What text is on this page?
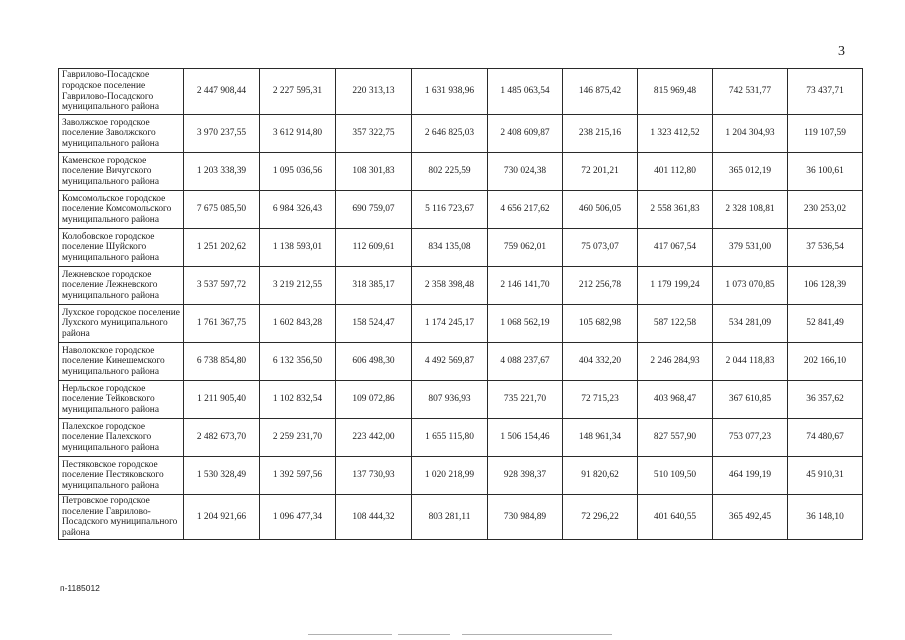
3
Гаврилово-Посадское городское поселение Гаврилово-Посадского муниципального района	2 447 908,44	2 227 595,31	220 313,13	1 631 938,96	1 485 063,54	146 875,42	815 969,48	742 531,77	73 437,71
Заволжское городское поселение Заволжского муниципального района	3 970 237,55	3 612 914,80	357 322,75	2 646 825,03	2 408 609,87	238 215,16	1 323 412,52	1 204 304,93	119 107,59
Каменское городское поселение Вичугского муниципального района	1 203 338,39	1 095 036,56	108 301,83	802 225,59	730 024,38	72 201,21	401 112,80	365 012,19	36 100,61
Комсомольское городское поселение Комсомольского муниципального района	7 675 085,50	6 984 326,43	690 759,07	5 116 723,67	4 656 217,62	460 506,05	2 558 361,83	2 328 108,81	230 253,02
Колобовское городское поселение Шуйского муниципального района	1 251 202,62	1 138 593,01	112 609,61	834 135,08	759 062,01	75 073,07	417 067,54	379 531,00	37 536,54
Лежневское городское поселение Лежневского муниципального района	3 537 597,72	3 219 212,55	318 385,17	2 358 398,48	2 146 141,70	212 256,78	1 179 199,24	1 073 070,85	106 128,39
Лухское городское поселение Лухского муниципального района	1 761 367,75	1 602 843,28	158 524,47	1 174 245,17	1 068 562,19	105 682,98	587 122,58	534 281,09	52 841,49
Наволокское городское поселение Кинешемского муниципального района	6 738 854,80	6 132 356,50	606 498,30	4 492 569,87	4 088 237,67	404 332,20	2 246 284,93	2 044 118,83	202 166,10
Нерльское городское поселение Тейковского муниципального района	1 211 905,40	1 102 832,54	109 072,86	807 936,93	735 221,70	72 715,23	403 968,47	367 610,85	36 357,62
Палехское городское поселение Палехского муниципального района	2 482 673,70	2 259 231,70	223 442,00	1 655 115,80	1 506 154,46	148 961,34	827 557,90	753 077,23	74 480,67
Пестяковское городское поселение Пестяковского муниципального района	1 530 328,49	1 392 597,56	137 730,93	1 020 218,99	928 398,37	91 820,62	510 109,50	464 199,19	45 910,31
Петровское городское поселение Гаврилово-Посадского муниципального района	1 204 921,66	1 096 477,34	108 444,32	803 281,11	730 984,89	72 296,22	401 640,55	365 492,45	36 148,10
п-1185012
